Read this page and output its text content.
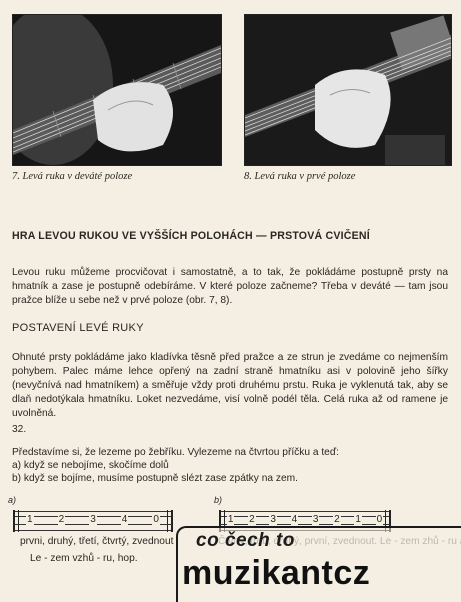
7. Levá ruka v deváté poloze	8. Levá ruka v prvé poloze
HRA LEVOU RUKOU VE VYŠŠÍCH POLOHÁCH — PRSTOVÁ CVIČENÍ

Levou ruku můžeme procvičovat i samostatně, a to tak, že pokládáme postupně prsty na hmatník a zase je postupně odebíráme. V které poloze začneme? Třeba v deváté — tam jsou pražce blíže u sebe než v prvé poloze (obr. 7, 8).

POSTAVENÍ LEVÉ RUKY

Ohnuté prsty pokládáme jako kladívka těsně před pražce a ze strun je zvedáme co nejmenším pohybem. Palec máme lehce opřený na zadní straně hmatníku asi v polovině jeho šířky (nevyčnívá nad hmatníkem) a směřuje vždy proti druhému prstu. Ruka je vyklenutá tak, aby se dlaň nedotýkala hmatníku. Loket nezvedáme, visí volně podél těla. Celá ruka až od ramene je uvolněná.

32.
Představíme si, že lezeme po žebříku. Vylezeme na čtvrtou příčku a teď:
a) když se nebojíme, skočíme dolů
b) když se bojíme, musíme postupně slézt zase zpátky na zem.
a)
1	2	3	4	0
b)
1 2 3 4 3 2 1 0
prvni, druhý, třetí, čtvrtý, zvednout
Le - zem vzhů - ru, hop.
co čech to
muzikantcz
